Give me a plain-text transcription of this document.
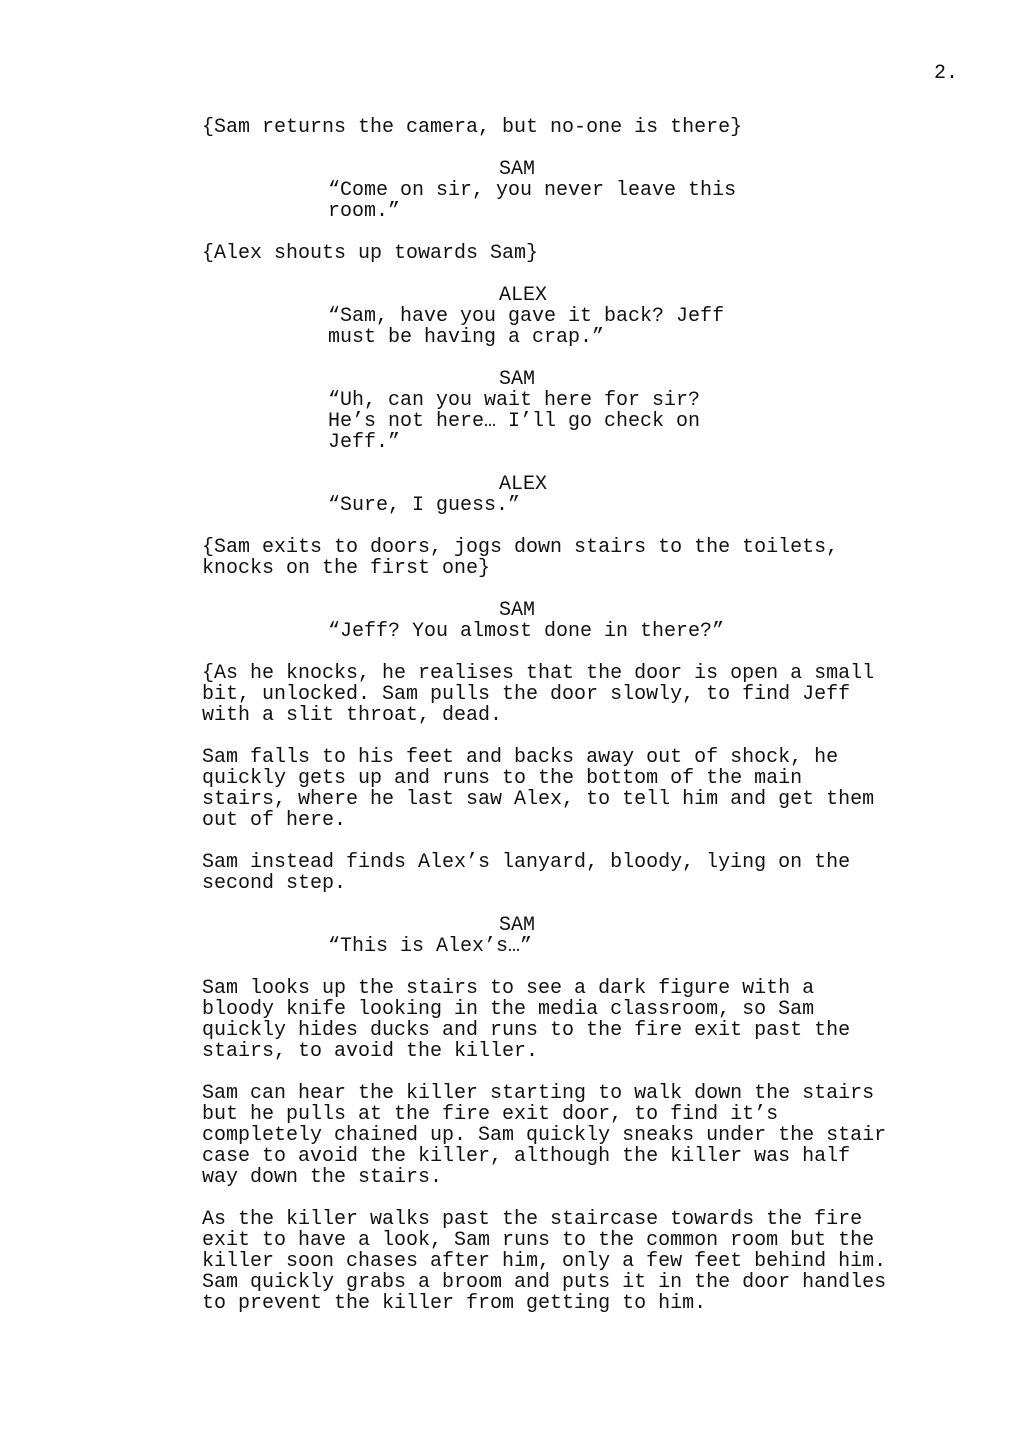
2.

{Sam returns the camera, but no-one is there}

SAM

“Come on sir, you never leave this
room.”

{Alex shouts up towards Sam}

ALEX

“Sam, have you gave it back? Jeff
must be having a crap.”

SAM

“Uh, can you wait here for sir?
He’s not here… I’ll go check on
Jeff.”

ALEX

“Sure, I guess.”

{Sam exits to doors, jogs down stairs to the toilets,
knocks on the first one}

SAM

“Jeff? You almost done in there?”

{As he knocks, he realises that the door is open a small
bit, unlocked. Sam pulls the door slowly, to find Jeff
with a slit throat, dead.

Sam falls to his feet and backs away out of shock, he
quickly gets up and runs to the bottom of the main
stairs, where he last saw Alex, to tell him and get them
out of here.

Sam instead finds Alex’s lanyard, bloody, lying on the
second step.

SAM

“This is Alex’s…”

Sam looks up the stairs to see a dark figure with a
bloody knife looking in the media classroom, so Sam
quickly hides ducks and runs to the fire exit past the
stairs, to avoid the killer.

Sam can hear the killer starting to walk down the stairs
but he pulls at the fire exit door, to find it’s
completely chained up. Sam quickly sneaks under the stair
case to avoid the killer, although the killer was half
way down the stairs.

As the killer walks past the staircase towards the fire
exit to have a look, Sam runs to the common room but the
killer soon chases after him, only a few feet behind him.
Sam quickly grabs a broom and puts it in the door handles
to prevent the killer from getting to him.
